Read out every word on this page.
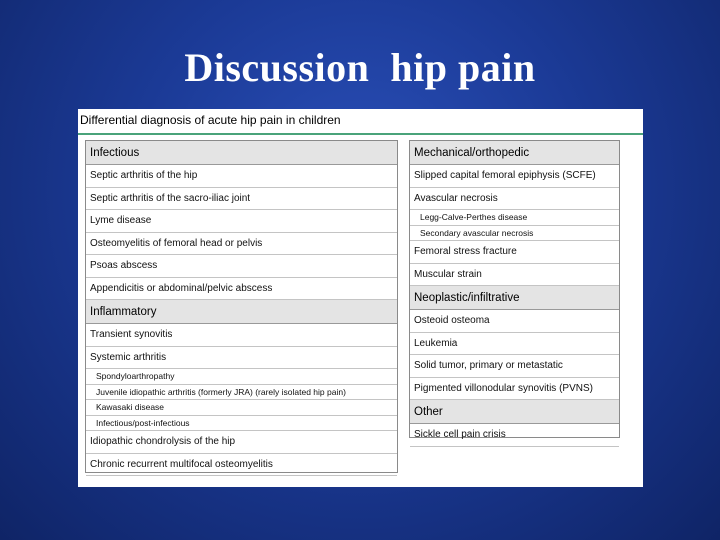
Discussion  hip pain
Differential diagnosis of acute hip pain in children
Infectious
Septic arthritis of the hip
Septic arthritis of the sacro-iliac joint
Lyme disease
Osteomyelitis of femoral head or pelvis
Psoas abscess
Appendicitis or abdominal/pelvic abscess
Inflammatory
Transient synovitis
Systemic arthritis
Spondyloarthropathy
Juvenile idiopathic arthritis (formerly JRA) (rarely isolated hip pain)
Kawasaki disease
Infectious/post-infectious
Idiopathic chondrolysis of the hip
Chronic recurrent multifocal osteomyelitis
Mechanical/orthopedic
Slipped capital femoral epiphysis (SCFE)
Avascular necrosis
Legg-Calve-Perthes disease
Secondary avascular necrosis
Femoral stress fracture
Muscular strain
Neoplastic/infiltrative
Osteoid osteoma
Leukemia
Solid tumor, primary or metastatic
Pigmented villonodular synovitis (PVNS)
Other
Sickle cell pain crisis
